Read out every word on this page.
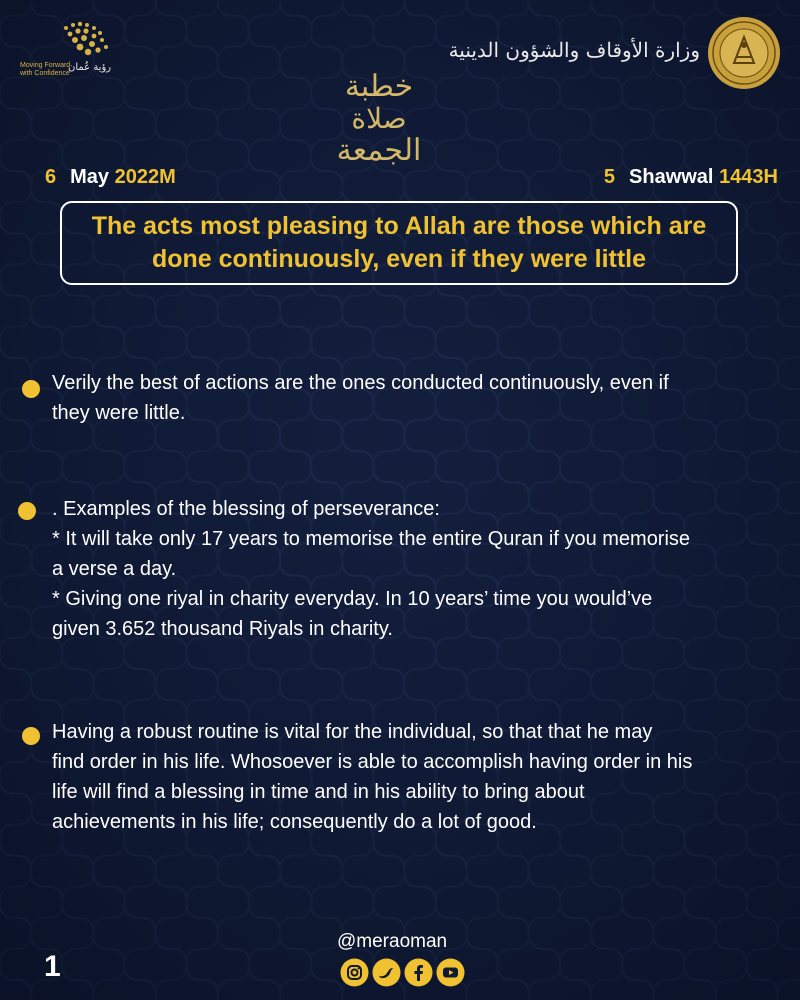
رؤية عُمان
Moving Forward
with Confidence
وزارة الأوقاف والشؤون الدينية
خطبة
صلاة
الجمعة
6 May 2022M	5 Shawwal 1443H
The acts most pleasing to Allah are those which are done continuously, even if they were little
Verily the best of actions are the ones conducted continuously, even if
they were little.
. Examples of the blessing of perseverance:
* It will take only 17 years to memorise the entire Quran if you memorise
a verse a day.
* Giving one riyal in charity everyday. In 10 years’ time you would’ve
given 3.652 thousand Riyals in charity.
Having a robust routine is vital for the individual, so that that he may
find order in his life. Whosoever is able to accomplish having order in his
life will find a blessing in time and in his ability to bring about
achievements in his life; consequently do a lot of good.
1
@meraoman
